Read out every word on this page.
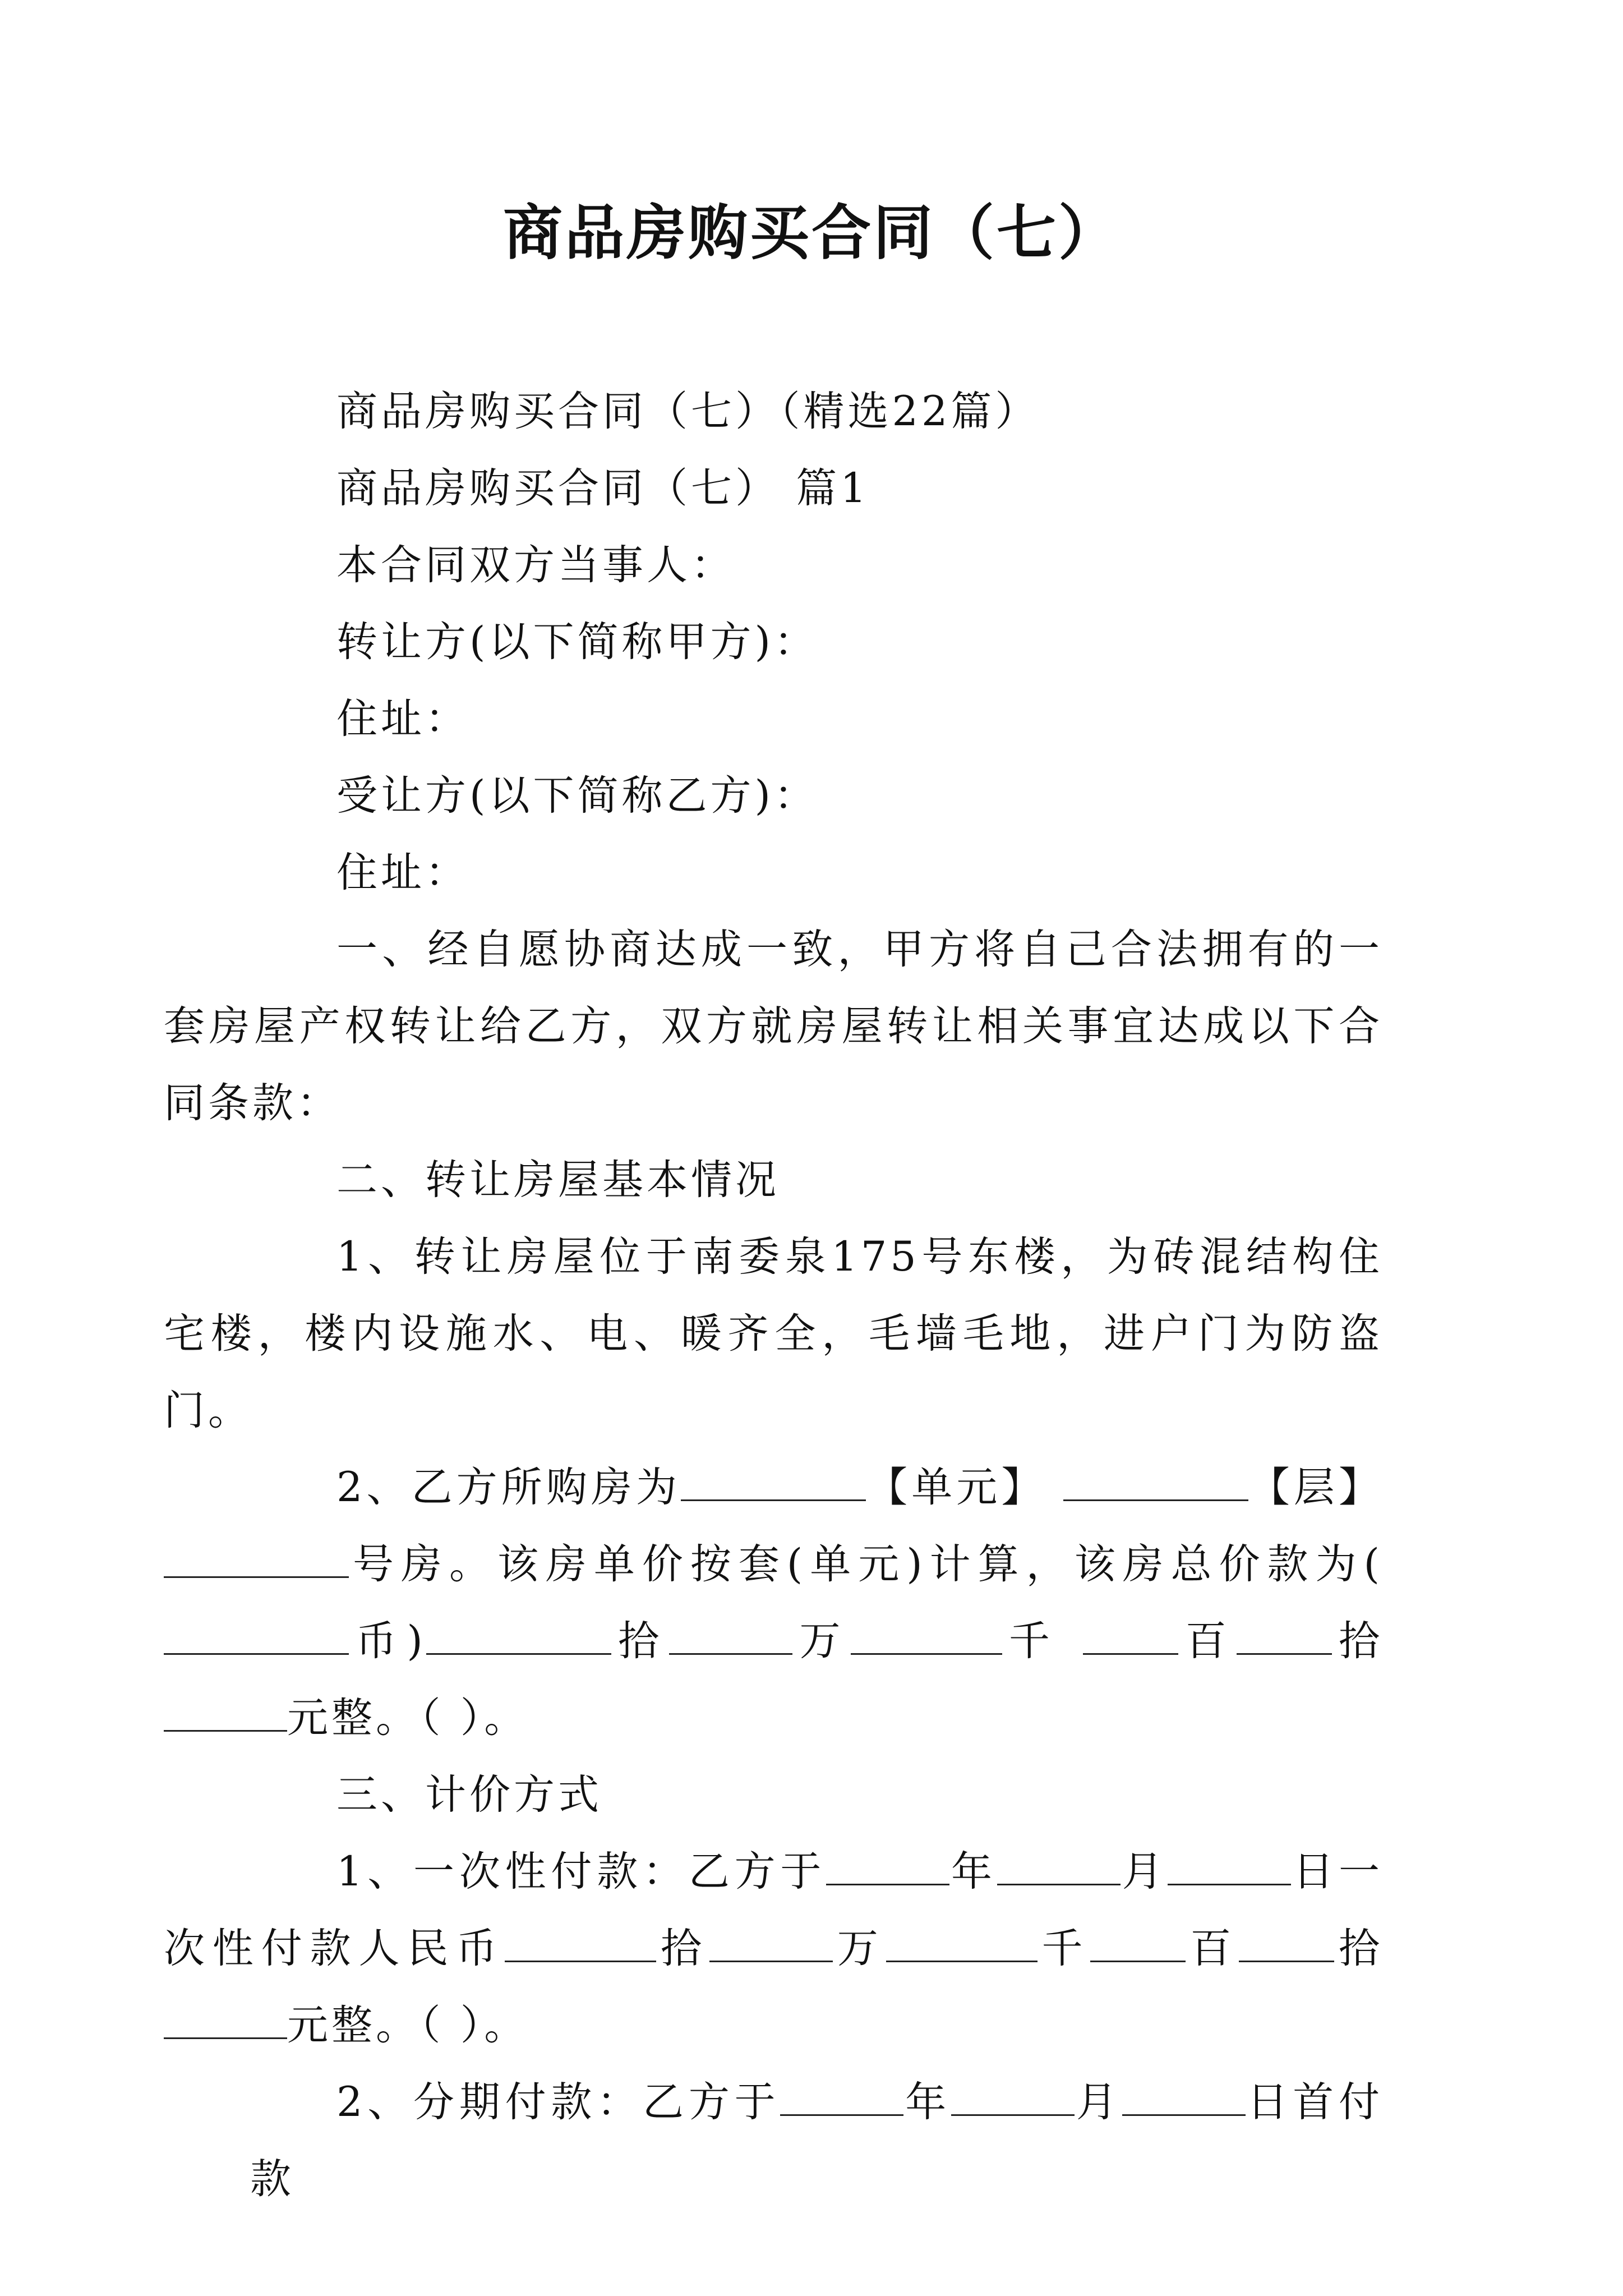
商品房购买合同（七）

商品房购买合同（七）（精选22篇）

商品房购买合同（七） 篇1

本合同双方当事人：

转让方(以下简称甲方)：

住址：

受让方(以下简称乙方)：

住址：

一、经自愿协商达成一致，甲方将自己合法拥有的一套房屋产权转让给乙方，双方就房屋转让相关事宜达成以下合同条款：

二、转让房屋基本情况

1、转让房屋位于南委泉175号东楼，为砖混结构住宅楼，楼内设施水、电、暖齐全，毛墙毛地，进户门为防盗门。

2、乙方所购房为	【单元】	【层】号房。该房单价按套(单元)计算，该房总价款为(币)	拾	万	千	百 拾元整。（ ）。

三、计价方式

1、一次性付款：乙方于	年	月	日一次性付款人民币	拾	万	千 百 拾 元整。（ ）。

2、分期付款：乙方于	年	月	日首付款
